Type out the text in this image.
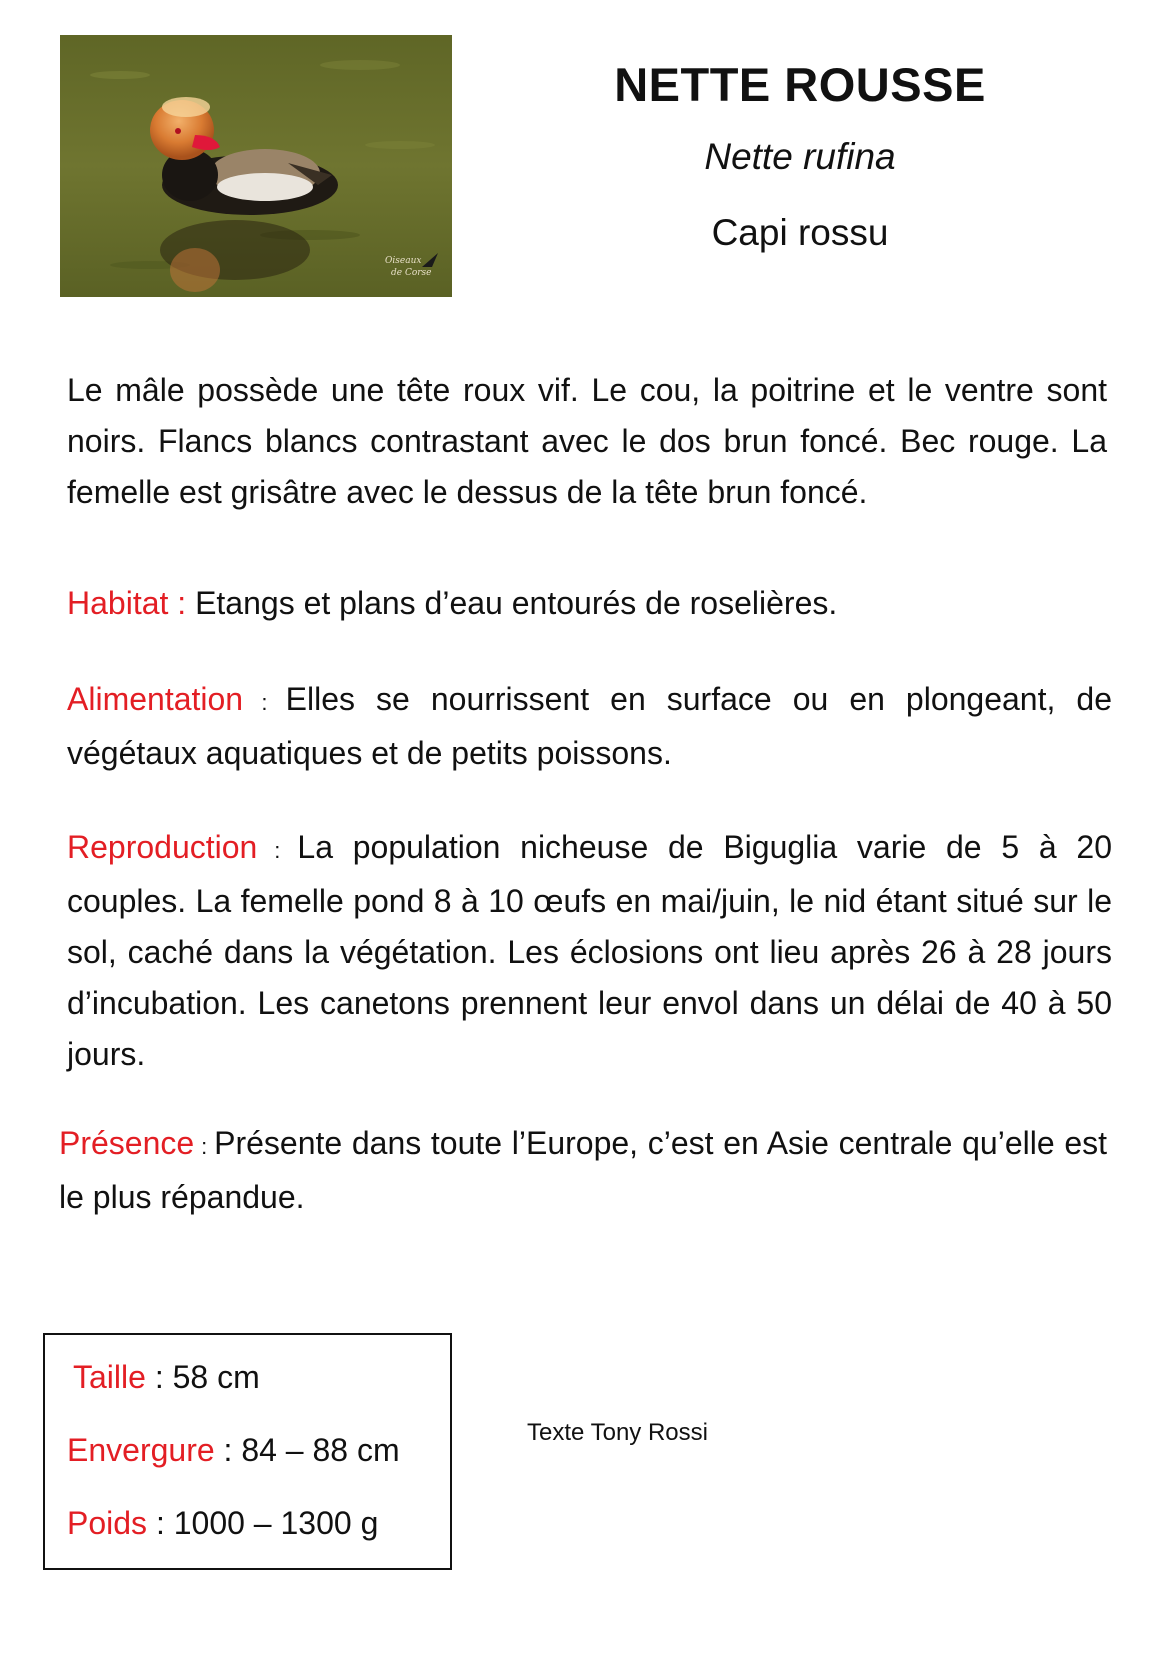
Oiseaux
de Corse
NETTE ROUSSE
Nette rufina
Capi rossu

Le mâle possède une tête roux vif. Le cou, la poitrine et le ventre sont noirs. Flancs blancs contrastant avec le dos brun foncé. Bec rouge. La femelle est grisâtre avec le dessus de la tête brun foncé.

Habitat : Etangs et plans d’eau entourés de roselières.

Alimentation : Elles se nourrissent en surface ou en plongeant, de végétaux aquatiques et de petits poissons.

Reproduction : La population nicheuse de Biguglia varie de 5 à 20 couples. La femelle pond 8 à 10 œufs en mai/juin, le nid étant situé sur le sol, caché dans la végétation. Les éclosions ont lieu après 26 à 28 jours d’incubation. Les canetons prennent leur envol dans un délai de 40 à 50 jours.

Présence : Présente dans toute l’Europe, c’est en Asie centrale qu’elle est le plus répandue.

Taille : 58 cm
Envergure : 84 – 88 cm
Poids : 1000 – 1300 g
Texte Tony Rossi
